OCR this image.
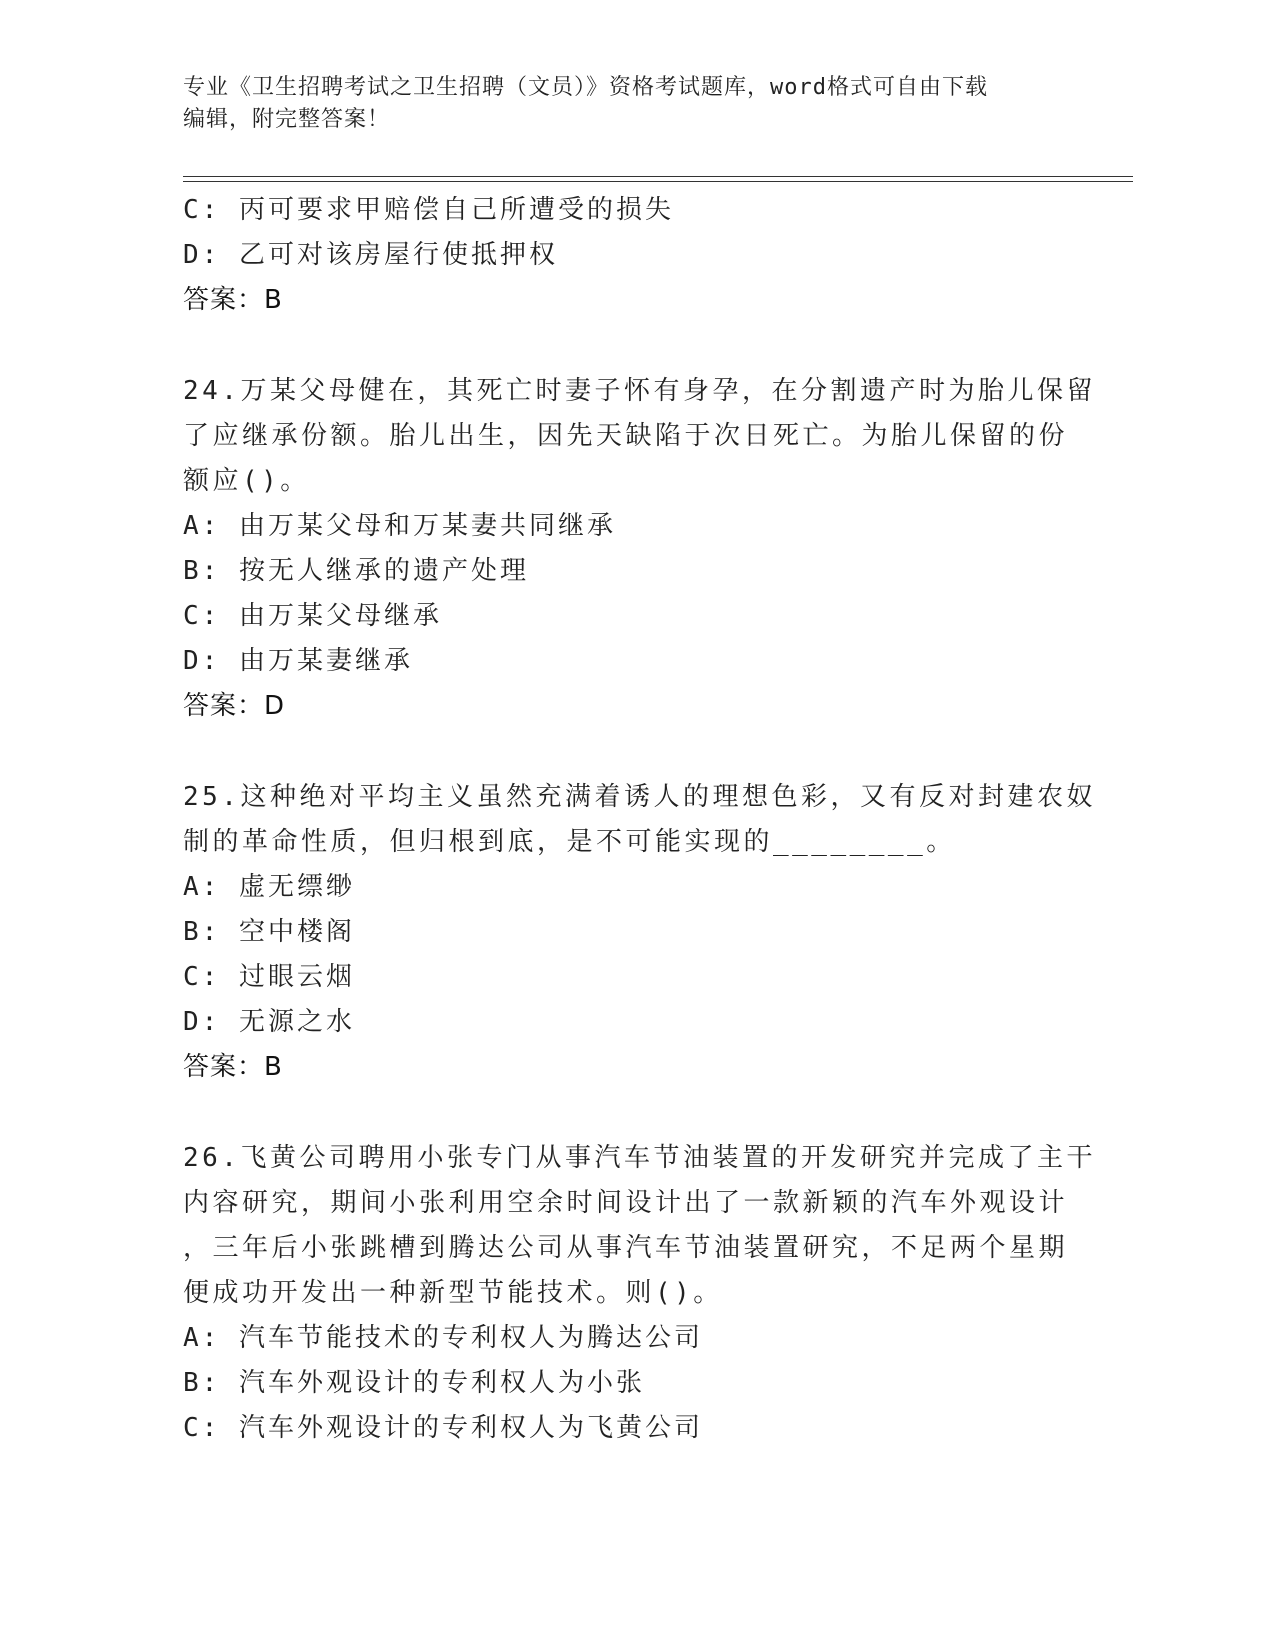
专业《卫生招聘考试之卫生招聘（文员）》资格考试题库，word格式可自由下载

编辑，附完整答案！

C: 丙可要求甲赔偿自己所遭受的损失
D: 乙可对该房屋行使抵押权
答案：B
24.万某父母健在，其死亡时妻子怀有身孕，在分割遗产时为胎儿保留
了应继承份额。胎儿出生，因先天缺陷于次日死亡。为胎儿保留的份
额应()。
A: 由万某父母和万某妻共同继承
B: 按无人继承的遗产处理
C: 由万某父母继承
D: 由万某妻继承
答案：D
25.这种绝对平均主义虽然充满着诱人的理想色彩，又有反对封建农奴
制的革命性质，但归根到底，是不可能实现的________。
A: 虚无缥缈
B: 空中楼阁
C: 过眼云烟
D: 无源之水
答案：B
26.飞黄公司聘用小张专门从事汽车节油装置的开发研究并完成了主干
内容研究，期间小张利用空余时间设计出了一款新颖的汽车外观设计
，三年后小张跳槽到腾达公司从事汽车节油装置研究，不足两个星期
便成功开发出一种新型节能技术。则()。
A: 汽车节能技术的专利权人为腾达公司
B: 汽车外观设计的专利权人为小张
C: 汽车外观设计的专利权人为飞黄公司
